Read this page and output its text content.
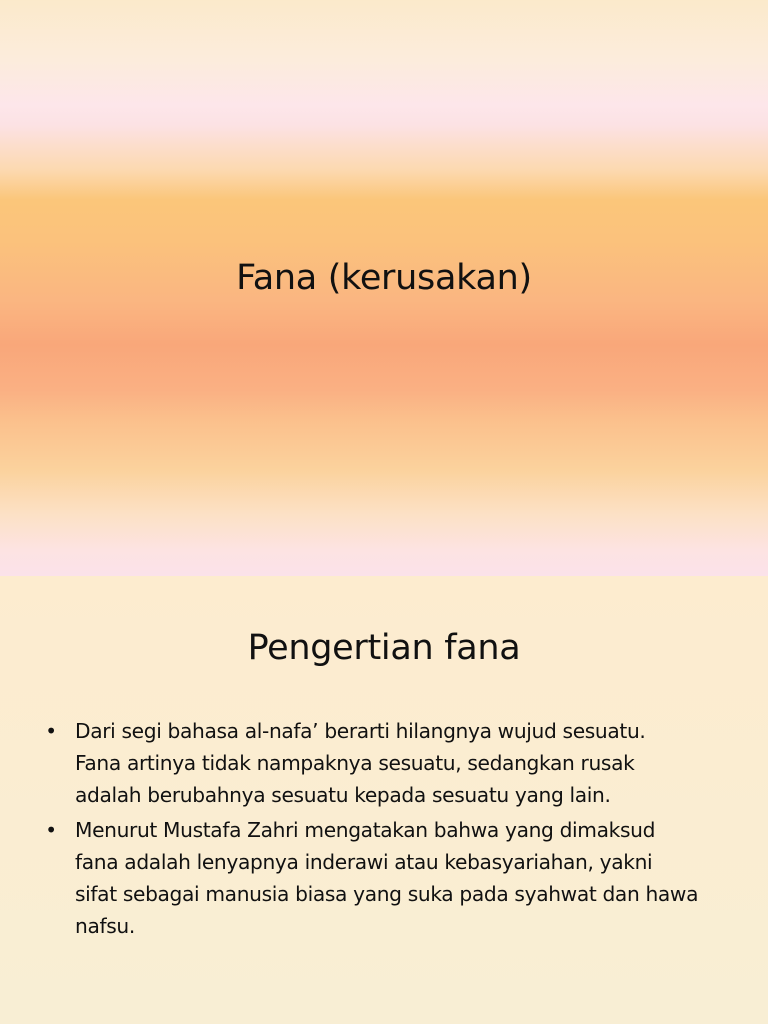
Fana (kerusakan)
Pengertian fana
• Dari segi bahasa al-nafa’ berarti hilangnya wujud sesuatu.
Fana artinya tidak nampaknya sesuatu, sedangkan rusak
adalah berubahnya sesuatu kepada sesuatu yang lain.
• Menurut Mustafa Zahri mengatakan bahwa yang dimaksud
fana adalah lenyapnya inderawi atau kebasyariahan, yakni
sifat sebagai manusia biasa yang suka pada syahwat dan hawa
nafsu.
